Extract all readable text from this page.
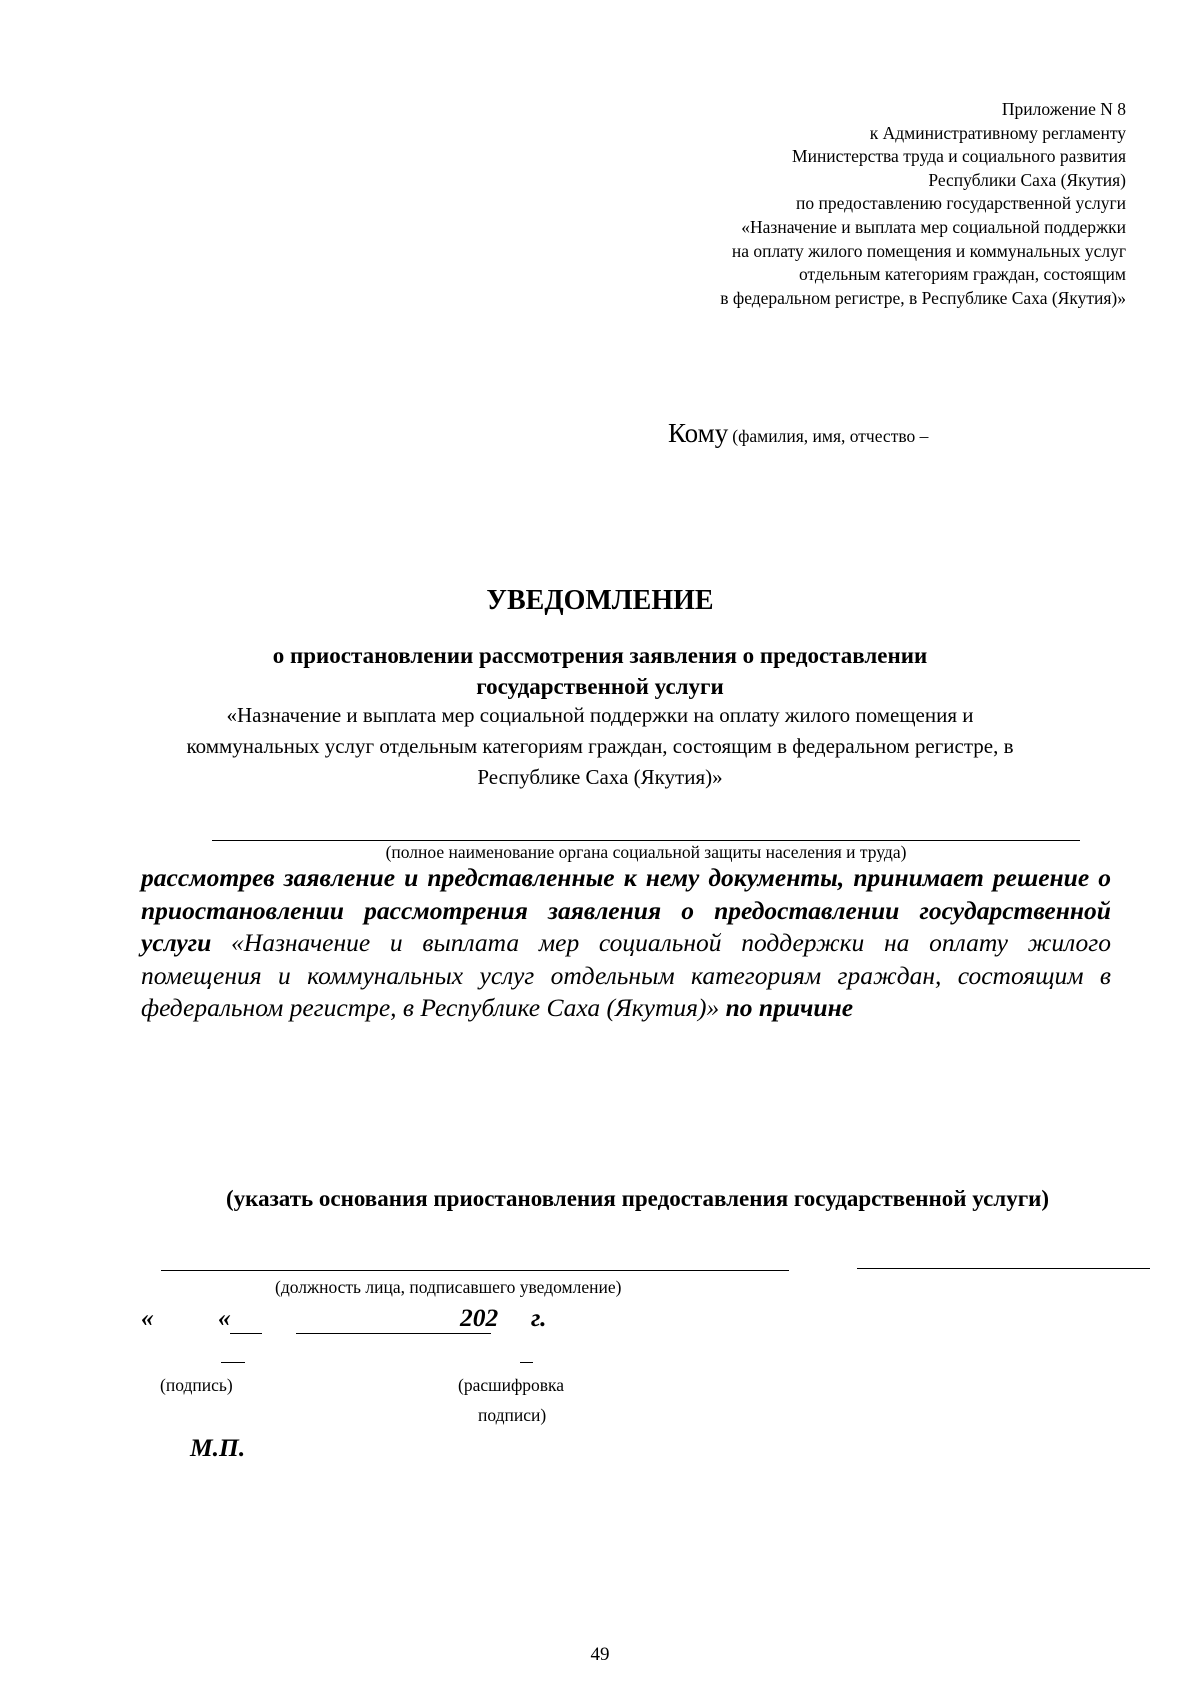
Приложение N 8
к Административному регламенту
Министерства труда и социального развития
Республики Саха (Якутия)
по предоставлению государственной услуги
«Назначение и выплата мер социальной поддержки
на оплату жилого помещения и коммунальных услуг
отдельным категориям граждан, состоящим
в федеральном регистре, в Республике Саха (Якутия)»
Кому (фамилия, имя, отчество –
УВЕДОМЛЕНИЕ
о приостановлении рассмотрения заявления о предоставлении
государственной услуги
«Назначение и выплата мер социальной поддержки на оплату жилого помещения и
коммунальных услуг отдельным категориям граждан, состоящим в федеральном регистре, в
Республике Саха (Якутия)»
(полное наименование органа социальной защиты населения и труда)
рассмотрев заявление и представленные к нему документы, принимает решение о приостановлении рассмотрения заявления о предоставлении государственной услуги «Назначение и выплата мер социальной поддержки на оплату жилого помещения и коммунальных услуг отдельным категориям граждан, состоящим в федеральном регистре, в Республике Саха (Якутия)» по причине
(указать основания приостановления предоставления государственной услуги)
(должность лица, подписавшего уведомление)
«	«	202 г.
(подпись)	(расшифровка
подписи)
М.П.
49
